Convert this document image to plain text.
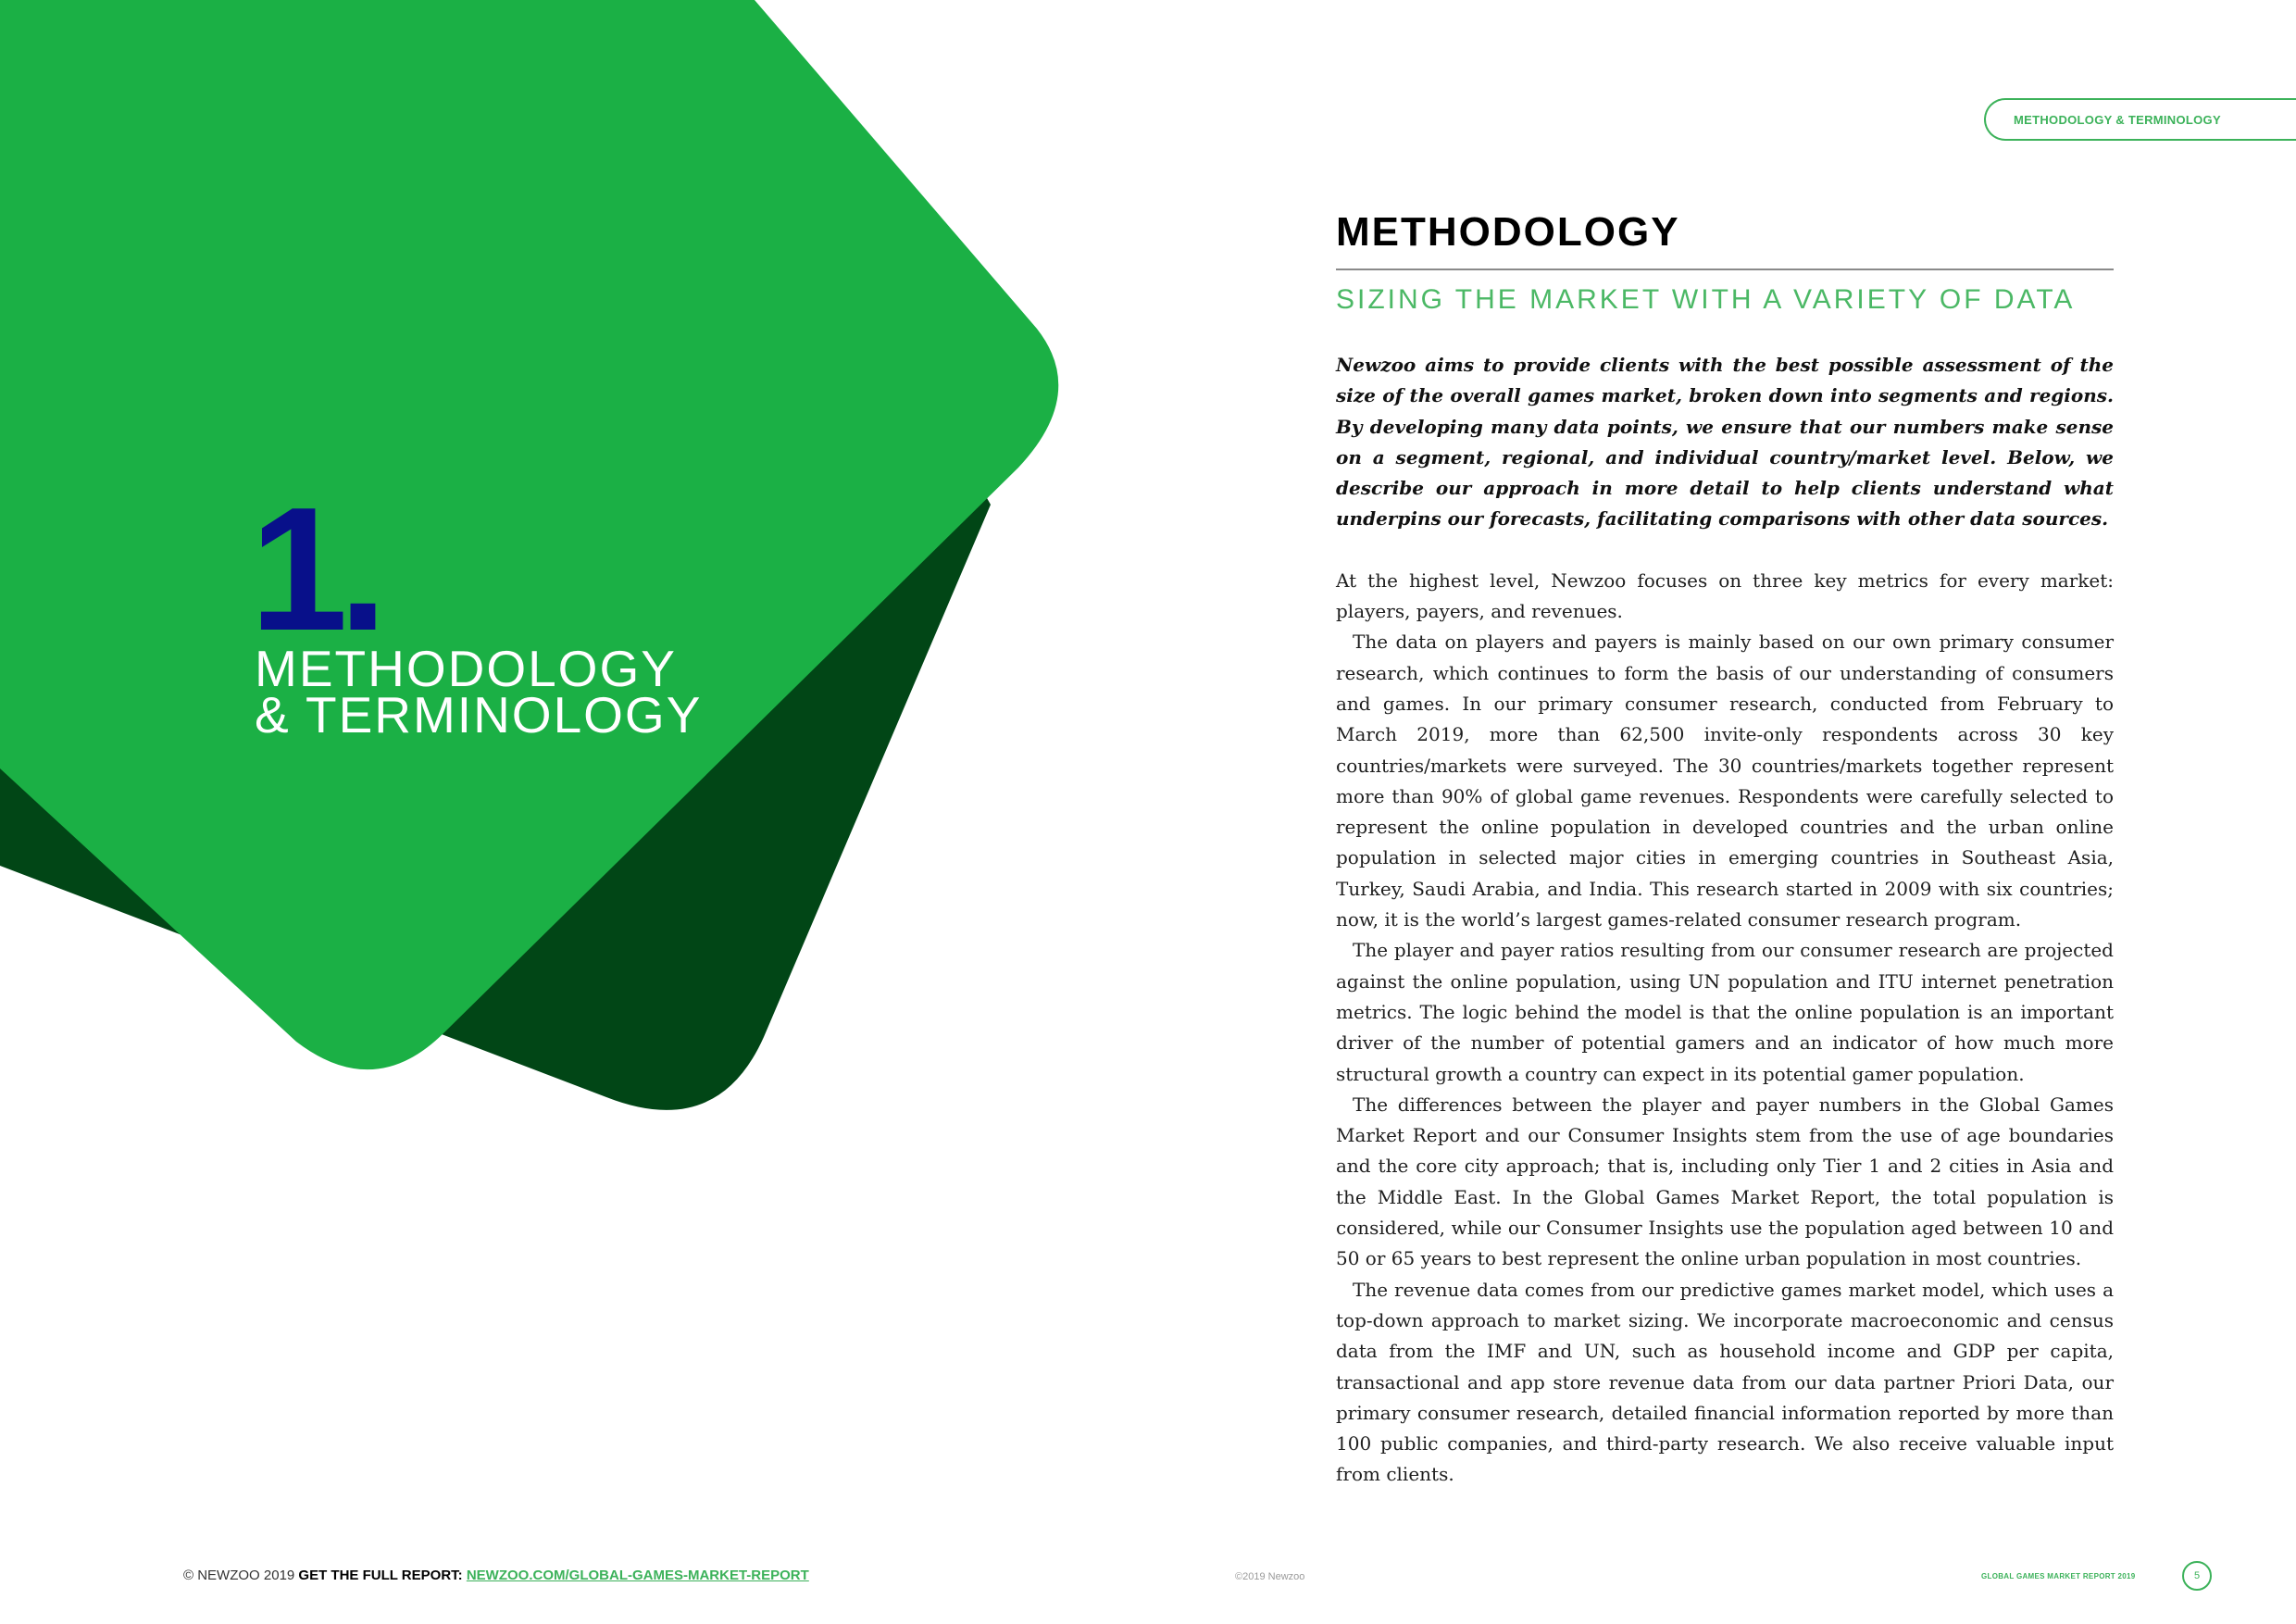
1.
METHODOLOGY
& TERMINOLOGY
METHODOLOGY & TERMINOLOGY
METHODOLOGY
SIZING THE MARKET WITH A VARIETY OF DATA
Newzoo aims to provide clients with the best possible assessment of the size of the overall games market, broken down into segments and regions. By developing many data points, we ensure that our numbers make sense on a segment, regional, and individual country/market level. Below, we describe our approach in more detail to help clients understand what underpins our forecasts, facilitating comparisons with other data sources.

At the highest level, Newzoo focuses on three key metrics for every market: players, payers, and revenues.

The data on players and payers is mainly based on our own primary consumer research, which continues to form the basis of our understanding of consumers and games. In our primary consumer research, conducted from February to March 2019, more than 62,500 invite-only respondents across 30 key countries/markets were surveyed. The 30 countries/markets together represent more than 90% of global game revenues. Respondents were carefully selected to represent the online population in developed countries and the urban online population in selected major cities in emerging countries in Southeast Asia, Turkey, Saudi Arabia, and India. This research started in 2009 with six countries; now, it is the world’s largest games-related consumer research program.

The player and payer ratios resulting from our consumer research are projected against the online population, using UN population and ITU internet penetration metrics. The logic behind the model is that the online population is an important driver of the number of potential gamers and an indicator of how much more structural growth a country can expect in its potential gamer population.

The differences between the player and payer numbers in the Global Games Market Report and our Consumer Insights stem from the use of age boundaries and the core city approach; that is, including only Tier 1 and 2 cities in Asia and the Middle East. In the Global Games Market Report, the total population is considered, while our Consumer Insights use the population aged between 10 and 50 or 65 years to best represent the online urban population in most countries.

The revenue data comes from our predictive games market model, which uses a top-down approach to market sizing. We incorporate macroeconomic and census data from the IMF and UN, such as household income and GDP per capita, transactional and app store revenue data from our data partner Priori Data, our primary consumer research, detailed financial information reported by more than 100 public companies, and third-party research. We also receive valuable input from clients.

© NEWZOO 2019 GET THE FULL REPORT: NEWZOO.COM/GLOBAL-GAMES-MARKET-REPORT	©2019 Newzoo	GLOBAL GAMES MARKET REPORT 2019	5
